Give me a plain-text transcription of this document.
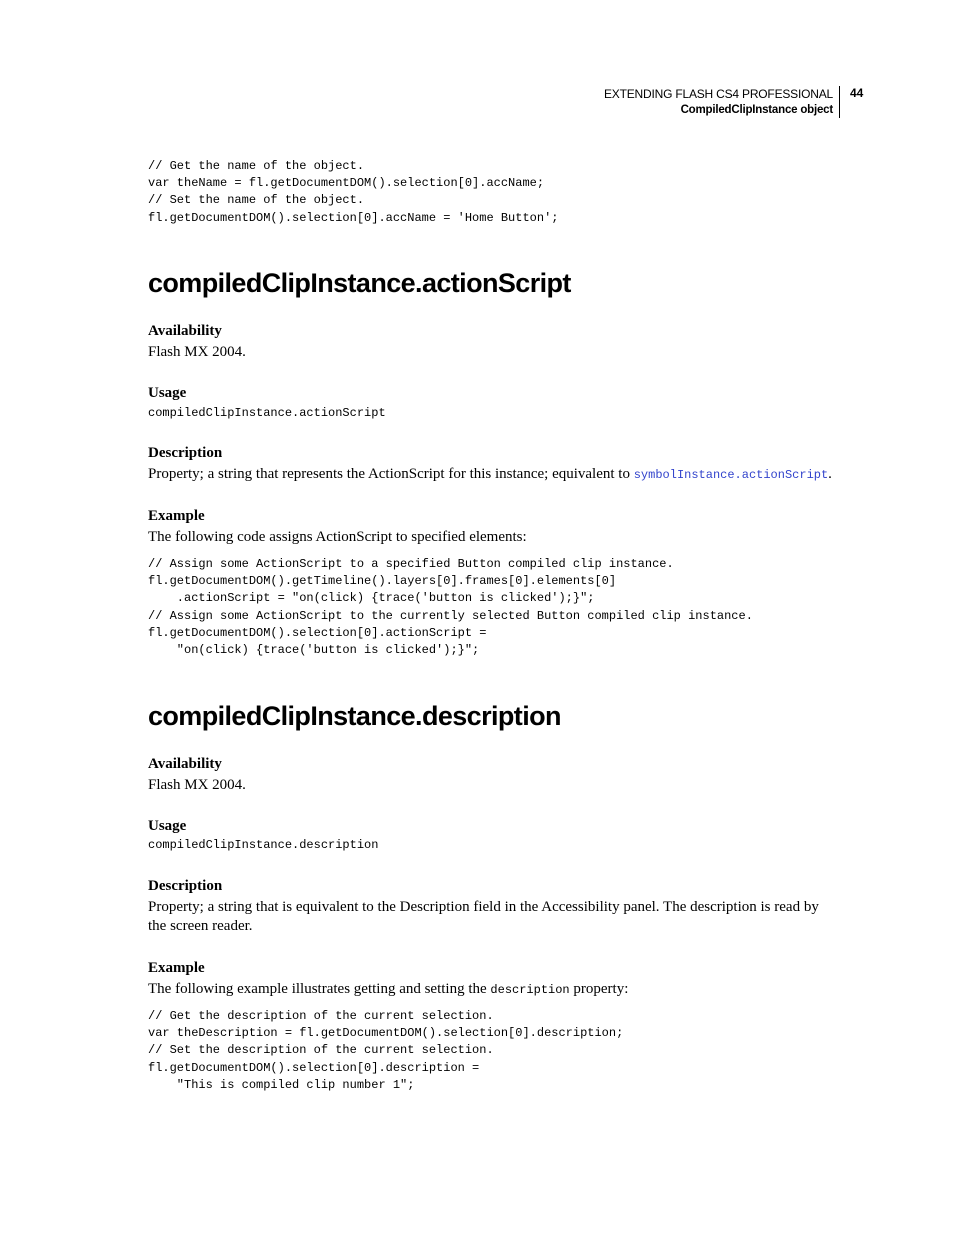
EXTENDING FLASH CS4 PROFESSIONAL
CompiledClipInstance object
44
// Get the name of the object.
var theName = fl.getDocumentDOM().selection[0].accName;
// Set the name of the object.
fl.getDocumentDOM().selection[0].accName = 'Home Button';
compiledClipInstance.actionScript
Availability

Flash MX 2004.

Usage
compiledClipInstance.actionScript
Description

Property; a string that represents the ActionScript for this instance; equivalent to symbolInstance.actionScript.

Example

The following code assigns ActionScript to specified elements:

// Assign some ActionScript to a specified Button compiled clip instance.
fl.getDocumentDOM().getTimeline().layers[0].frames[0].elements[0]
.actionScript = "on(click) {trace('button is clicked');}";
// Assign some ActionScript to the currently selected Button compiled clip instance.
fl.getDocumentDOM().selection[0].actionScript =
"on(click) {trace('button is clicked');}";
compiledClipInstance.description
Availability

Flash MX 2004.

Usage
compiledClipInstance.description
Description

Property; a string that is equivalent to the Description field in the Accessibility panel. The description is read by the screen reader.

Example

The following example illustrates getting and setting the description property:

// Get the description of the current selection.
var theDescription = fl.getDocumentDOM().selection[0].description;
// Set the description of the current selection.
fl.getDocumentDOM().selection[0].description =
"This is compiled clip number 1";
